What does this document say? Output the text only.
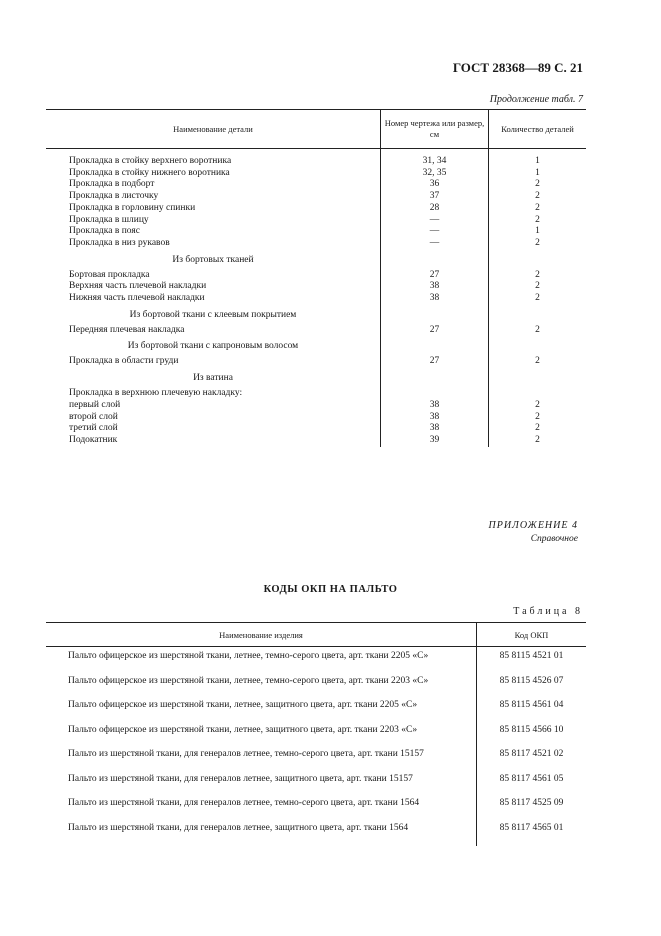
ГОСТ 28368—89 С. 21
Продолжение табл. 7
Наименование детали	Номер чертежа или размер, см	Количество деталей

Прокладка в стойку верхнего воротника	31, 34	1
Прокладка в стойку нижнего воротника	32, 35	1
Прокладка в подборт	36	2
Прокладка в листочку	37	2
Прокладка в горловину спинки	28	2
Прокладка в шлицу	—	2
Прокладка в пояс	—	1
Прокладка в низ рукавов	—	2
Из бортовых тканей		
Бортовая прокладка	27	2
Верхняя часть плечевой накладки	38	2
Нижняя часть плечевой накладки	38	2
Из бортовой ткани с клеевым покрытием		
Передняя плечевая накладка	27	2
Из бортовой ткани с капроновым волосом		
Прокладка в области груди	27	2
Из ватина		
Прокладка в верхнюю плечевую накладку:		
первый слой	38	2
второй слой	38	2
третий слой	38	2
Подокатник	39	2
ПРИЛОЖЕНИЕ 4
Справочное
КОДЫ ОКП НА ПАЛЬТО
Таблица 8
Наименование изделия	Код ОКП
Пальто офицерское из шерстяной ткани, летнее, темно-серого цвета, арт. ткани 2205 «С»	85 8115 4521 01
Пальто офицерское из шерстяной ткани, летнее, темно-серого цвета, арт. ткани 2203 «С»	85 8115 4526 07
Пальто офицерское из шерстяной ткани, летнее, защитного цвета, арт. ткани 2205 «С»	85 8115 4561 04
Пальто офицерское из шерстяной ткани, летнее, защитного цвета, арт. ткани 2203 «С»	85 8115 4566 10
Пальто из шерстяной ткани, для генералов летнее, темно-серого цвета, арт. ткани 15157	85 8117 4521 02
Пальто из шерстяной ткани, для генералов летнее, защитного цвета, арт. ткани 15157	85 8117 4561 05
Пальто из шерстяной ткани, для генералов летнее, темно-серого цвета, арт. ткани 1564	85 8117 4525 09
Пальто из шерстяной ткани, для генералов летнее, защитного цвета, арт. ткани 1564	85 8117 4565 01
